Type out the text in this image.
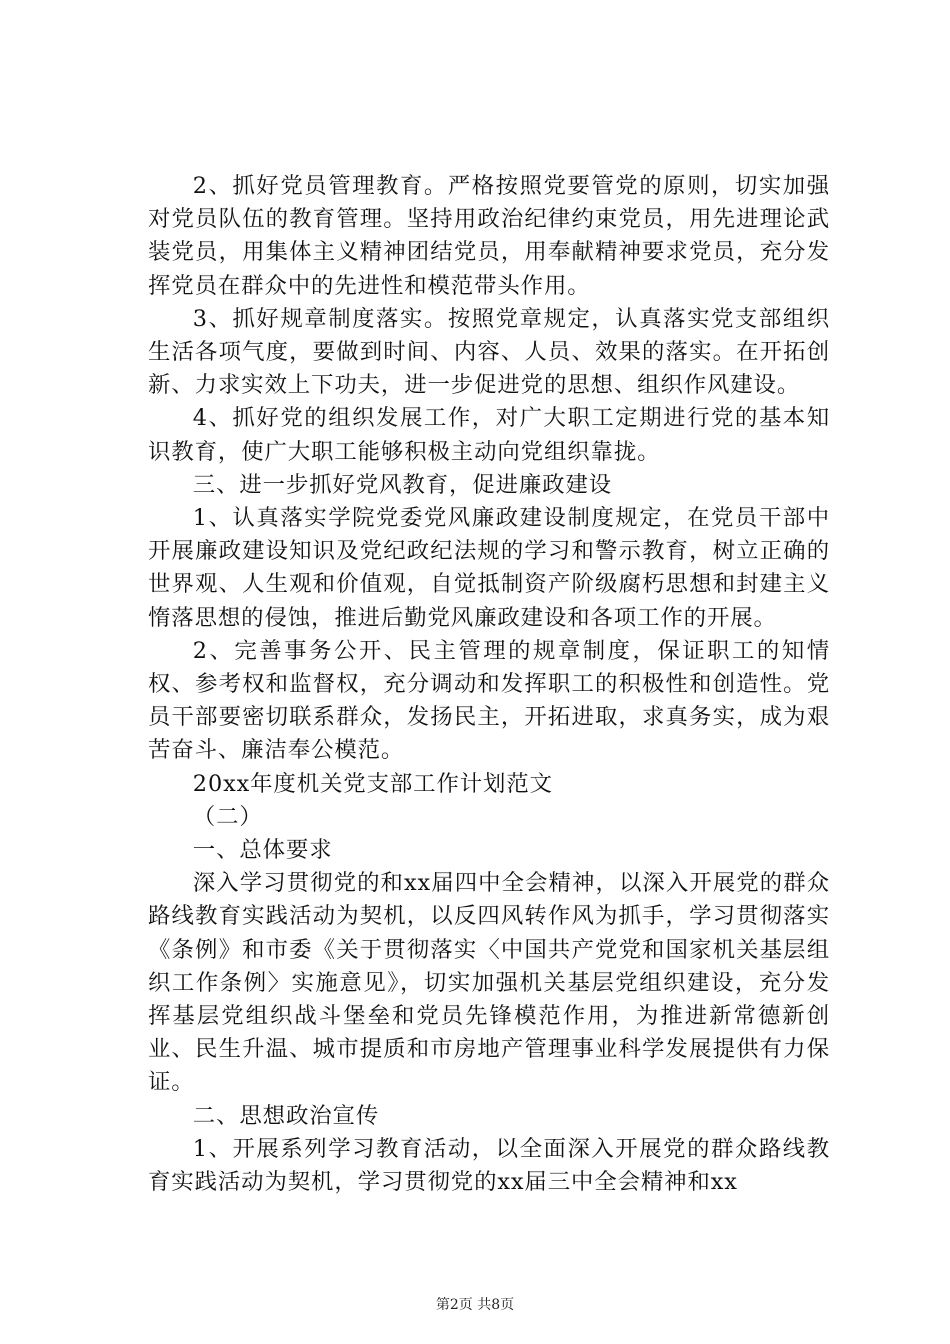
2、抓好党员管理教育。严格按照党要管党的原则，切实加强对党员队伍的教育管理。坚持用政治纪律约束党员，用先进理论武装党员，用集体主义精神团结党员，用奉献精神要求党员，充分发挥党员在群众中的先进性和模范带头作用。

3、抓好规章制度落实。按照党章规定，认真落实党支部组织生活各项气度，要做到时间、内容、人员、效果的落实。在开拓创新、力求实效上下功夫，进一步促进党的思想、组织作风建设。

4、抓好党的组织发展工作，对广大职工定期进行党的基本知识教育，使广大职工能够积极主动向党组织靠拢。

三、进一步抓好党风教育，促进廉政建设

1、认真落实学院党委党风廉政建设制度规定，在党员干部中开展廉政建设知识及党纪政纪法规的学习和警示教育，树立正确的世界观、人生观和价值观，自觉抵制资产阶级腐朽思想和封建主义惰落思想的侵蚀，推进后勤党风廉政建设和各项工作的开展。

2、完善事务公开、民主管理的规章制度，保证职工的知情权、参考权和监督权，充分调动和发挥职工的积极性和创造性。党员干部要密切联系群众，发扬民主，开拓进取，求真务实，成为艰苦奋斗、廉洁奉公模范。

20xx年度机关党支部工作计划范文

（二）

一、总体要求

深入学习贯彻党的和xx届四中全会精神，以深入开展党的群众路线教育实践活动为契机，以反四风转作风为抓手，学习贯彻落实《条例》和市委《关于贯彻落实〈中国共产党党和国家机关基层组织工作条例〉实施意见》，切实加强机关基层党组织建设，充分发挥基层党组织战斗堡垒和党员先锋模范作用，为推进新常德新创业、民生升温、城市提质和市房地产管理事业科学发展提供有力保证。

二、思想政治宣传

1、开展系列学习教育活动，以全面深入开展党的群众路线教育实践活动为契机，学习贯彻党的xx届三中全会精神和xx

第2页 共8页
